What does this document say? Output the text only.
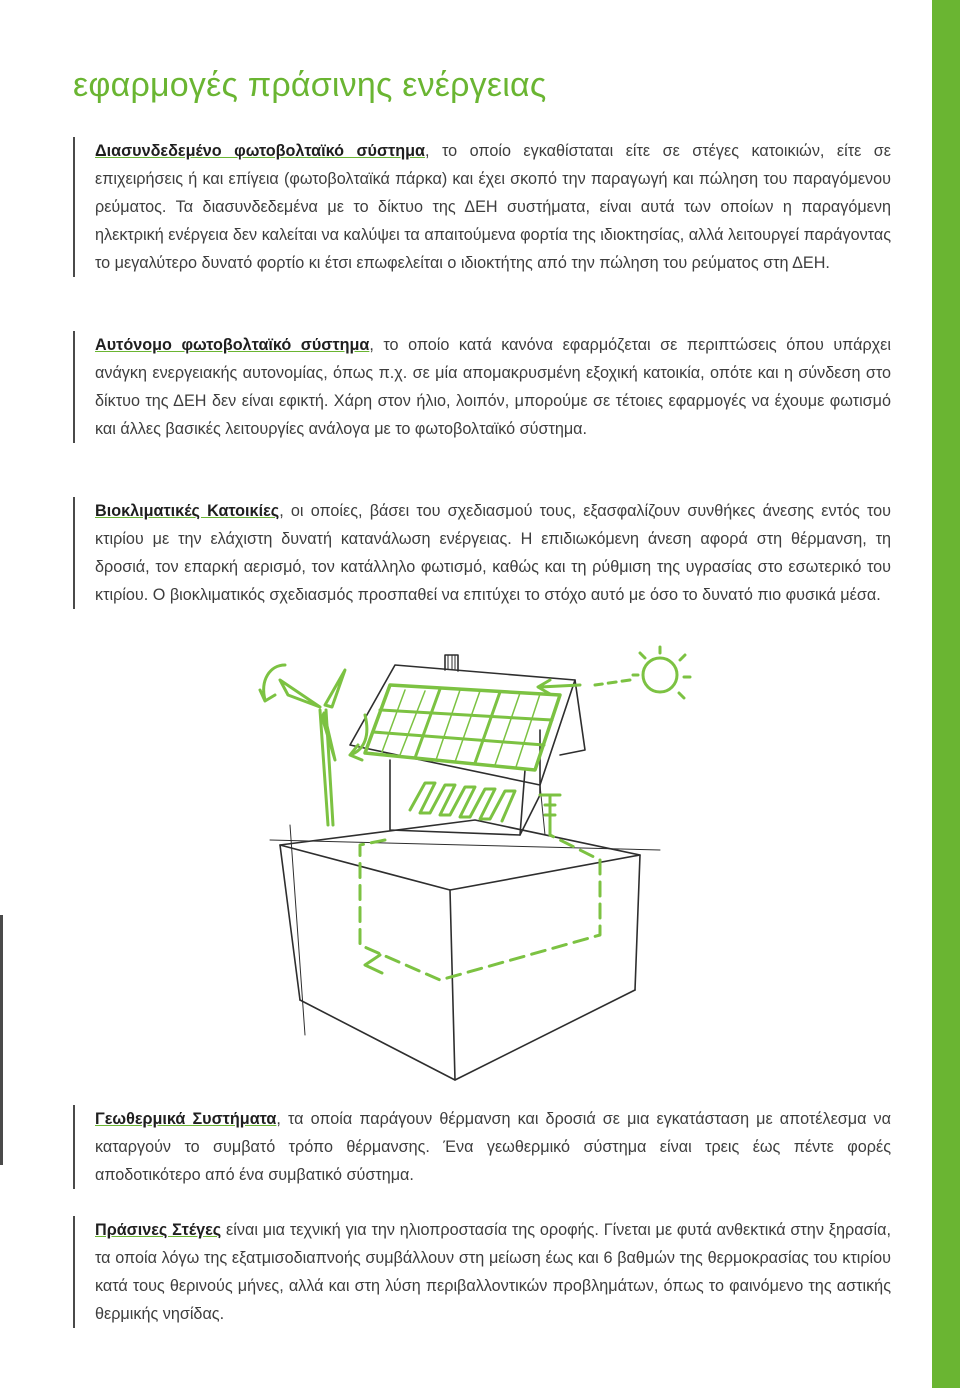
εφαρμογές πράσινης ενέργειας

Διασυνδεδεμένο φωτοβολταϊκό σύστημα, το οποίο εγκαθίσταται είτε σε στέγες κατοικιών, είτε σε επιχειρήσεις ή και επίγεια (φωτοβολταϊκά πάρκα) και έχει σκοπό την παραγωγή και πώληση του παραγόμενου ρεύματος. Τα διασυνδεδεμένα με το δίκτυο της ΔΕΗ συστήματα, είναι αυτά των οποίων η παραγόμενη ηλεκτρική ενέργεια δεν καλείται να καλύψει τα απαιτούμενα φορτία της ιδιοκτησίας, αλλά λειτουργεί παράγοντας το μεγαλύτερο δυνατό φορτίο κι έτσι επωφελείται ο ιδιοκτήτης από την πώληση του ρεύματος στη ΔΕΗ.

Αυτόνομο φωτοβολταϊκό σύστημα, το οποίο κατά κανόνα εφαρμόζεται σε περιπτώσεις όπου υπάρχει ανάγκη ενεργειακής αυτονομίας, όπως π.χ. σε μία απομακρυσμένη εξοχική κατοικία, οπότε και η σύνδεση στο δίκτυο της ΔΕΗ δεν είναι εφικτή. Χάρη στον ήλιο, λοιπόν, μπορούμε σε τέτοιες εφαρμογές να έχουμε φωτισμό και άλλες βασικές λειτουργίες ανάλογα με το φωτοβολταϊκό σύστημα.

Βιοκλιματικές Κατοικίες, οι οποίες, βάσει του σχεδιασμού τους, εξασφαλίζουν συνθήκες άνεσης εντός του κτιρίου με την ελάχιστη δυνατή κατανάλωση ενέργειας. Η επιδιωκόμενη άνεση αφορά στη θέρμανση, τη δροσιά, τον επαρκή αερισμό, τον κατάλληλο φωτισμό, καθώς και τη ρύθμιση της υγρασίας στο εσωτερικό του κτιρίου. Ο βιοκλιματικός σχεδιασμός προσπαθεί να επιτύχει το στόχο αυτό με όσο το δυνατό πιο φυσικά μέσα.

Γεωθερμικά Συστήματα, τα οποία παράγουν θέρμανση και δροσιά σε μια εγκατάσταση με αποτέλεσμα να καταργούν το συμβατό τρόπο θέρμανσης. Ένα γεωθερμικό σύστημα είναι τρεις έως πέντε φορές αποδοτικότερο από ένα συμβατικό σύστημα.

Πράσινες Στέγες είναι μια τεχνική για την ηλιοπροστασία της οροφής. Γίνεται με φυτά ανθεκτικά στην ξηρασία, τα οποία λόγω της εξατμισοδιαπνοής συμβάλλουν στη μείωση έως και 6 βαθμών της θερμοκρασίας του κτιρίου κατά τους θερινούς μήνες, αλλά και στη λύση περιβαλλοντικών προβλημάτων, όπως το φαινόμενο της αστικής θερμικής νησίδας.
